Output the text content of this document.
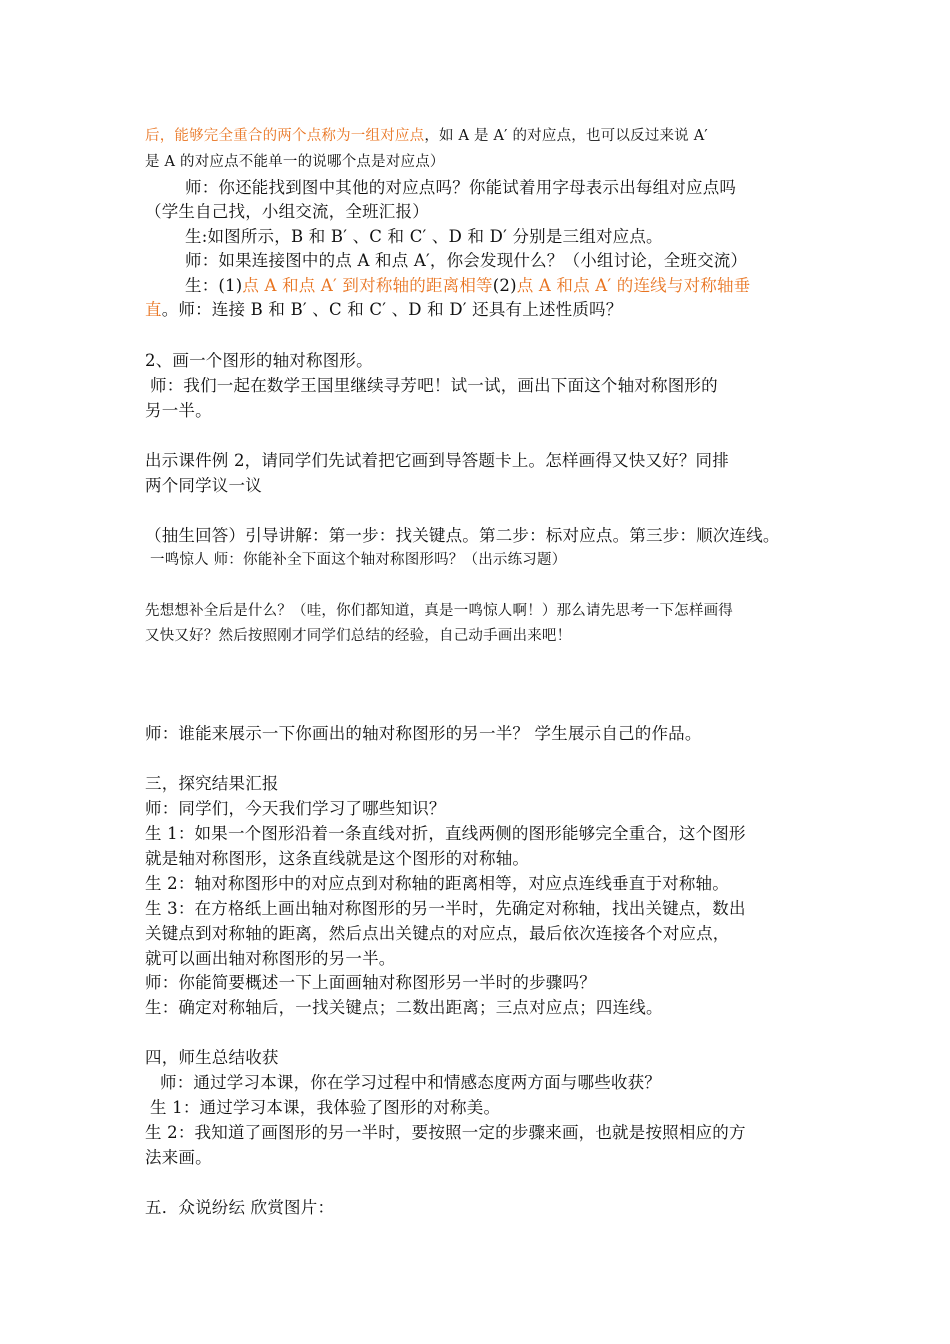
后，能够完全重合的两个点称为一组对应点，如 A 是 A′ 的对应点，也可以反过来说 A′
是 A 的对应点不能单一的说哪个点是对应点）
师：你还能找到图中其他的对应点吗？你能试着用字母表示出每组对应点吗
（学生自己找，小组交流，全班汇报）
生:如图所示，B 和 B′ 、C 和 C′ 、D 和 D′ 分别是三组对应点。
师：如果连接图中的点 A 和点 A′，你会发现什么？（小组讨论，全班交流）
生：(1)点 A 和点 A′ 到对称轴的距离相等(2)点 A 和点 A′ 的连线与对称轴垂
直。师：连接 B 和 B′ 、C 和 C′ 、D 和 D′ 还具有上述性质吗？
2、画一个图形的轴对称图形。
师：我们一起在数学王国里继续寻芳吧！试一试，画出下面这个轴对称图形的
另一半。
出示课件例 2，请同学们先试着把它画到导答题卡上。怎样画得又快又好？同排
两个同学议一议
（抽生回答）引导讲解：第一步：找关键点。第二步：标对应点。第三步：顺次连线。
一鸣惊人 师：你能补全下面这个轴对称图形吗？（出示练习题）
先想想补全后是什么？（哇，你们都知道，真是一鸣惊人啊！）那么请先思考一下怎样画得
又快又好？然后按照刚才同学们总结的经验，自己动手画出来吧！
师：谁能来展示一下你画出的轴对称图形的另一半？ 学生展示自己的作品。
三，探究结果汇报
师：同学们，今天我们学习了哪些知识？
生 1：如果一个图形沿着一条直线对折，直线两侧的图形能够完全重合，这个图形
就是轴对称图形，这条直线就是这个图形的对称轴。
生 2：轴对称图形中的对应点到对称轴的距离相等，对应点连线垂直于对称轴。
生 3：在方格纸上画出轴对称图形的另一半时，先确定对称轴，找出关键点，数出
关键点到对称轴的距离，然后点出关键点的对应点，最后依次连接各个对应点，
就可以画出轴对称图形的另一半。
师：你能简要概述一下上面画轴对称图形另一半时的步骤吗？
生：确定对称轴后，一找关键点；二数出距离；三点对应点；四连线。
四，师生总结收获
师：通过学习本课，你在学习过程中和情感态度两方面与哪些收获？
生 1：通过学习本课，我体验了图形的对称美。
生 2：我知道了画图形的另一半时，要按照一定的步骤来画，也就是按照相应的方
法来画。
五．众说纷纭 欣赏图片：
